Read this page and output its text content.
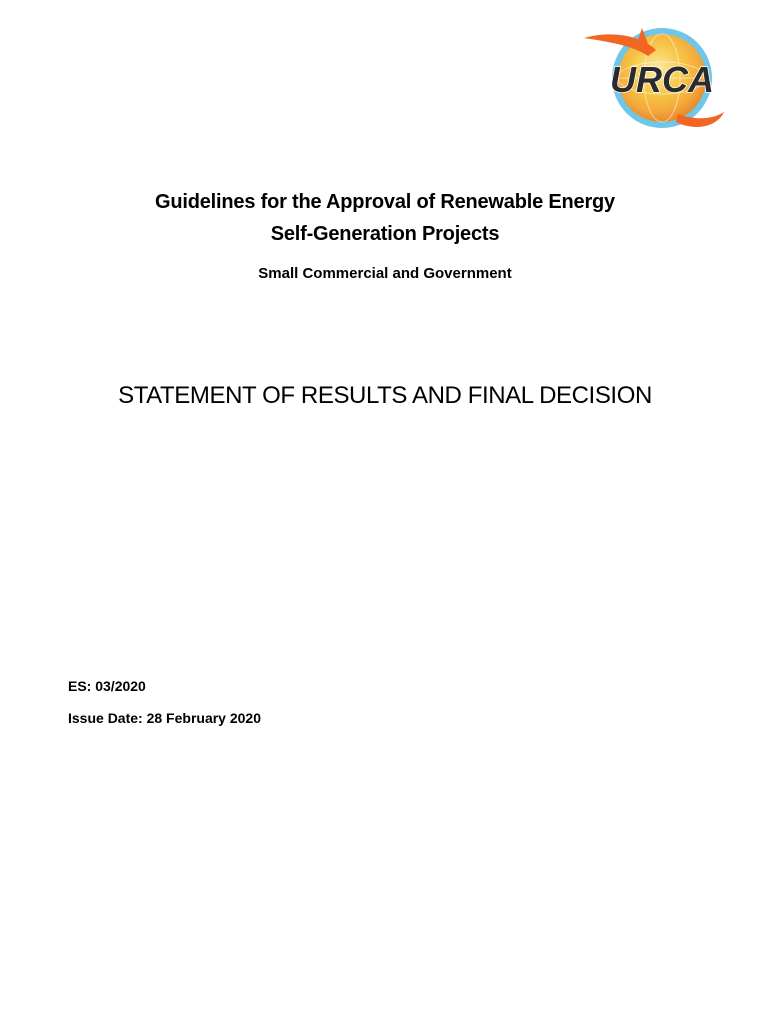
URCA

Guidelines for the Approval of Renewable Energy

Self-Generation Projects

Small Commercial and Government

STATEMENT OF RESULTS AND FINAL DECISION

ES: 03/2020
Issue Date: 28 February 2020
